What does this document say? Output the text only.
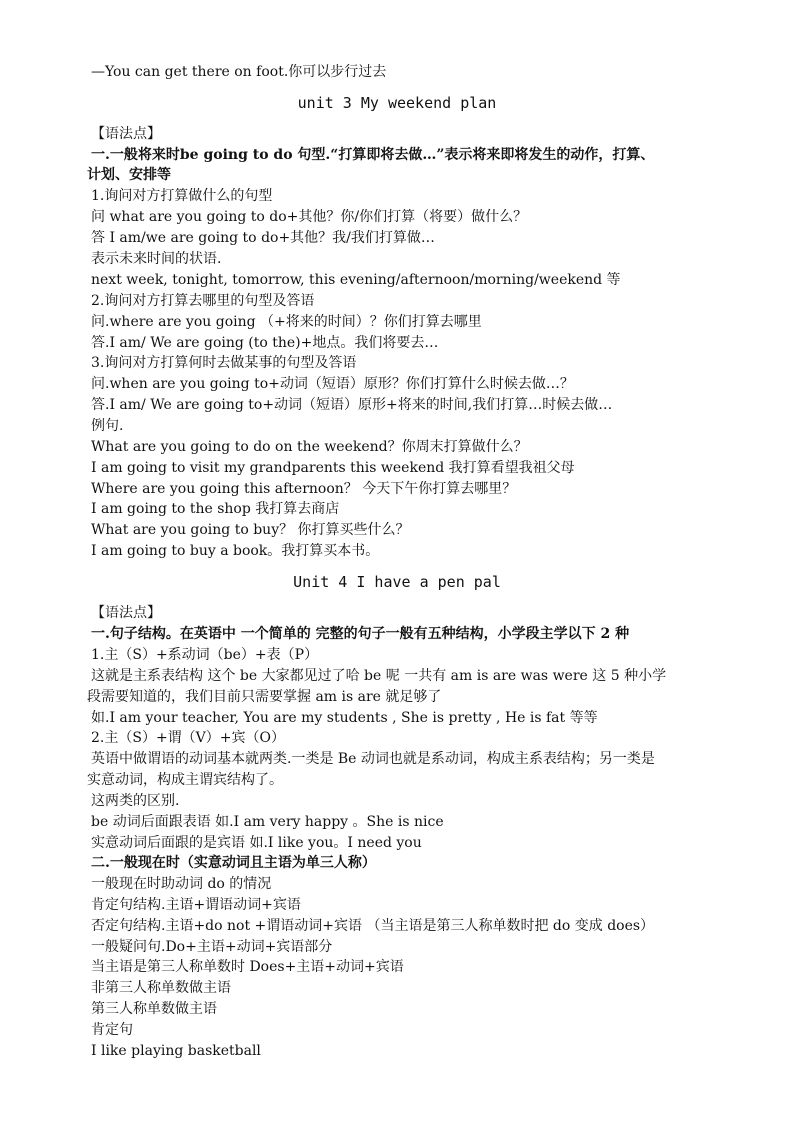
—You can get there on foot.你可以步行过去
unit 3 My weekend plan
【语法点】
一.一般将来时be going to do 句型.“打算即将去做…”表示将来即将发生的动作，打算、
计划、安排等
1.询问对方打算做什么的句型
问 what are you going to do+其他？你/你们打算（将要）做什么？
答 I am/we are going to do+其他？我/我们打算做…
表示未来时间的状语.
next week, tonight, tomorrow, this evening/afternoon/morning/weekend 等
2.询问对方打算去哪里的句型及答语
问.where are you going （+将来的时间）？你们打算去哪里
答.I am/ We are going (to the)+地点。我们将要去…
3.询问对方打算何时去做某事的句型及答语
问.when are you going to+动词（短语）原形？你们打算什么时候去做…？
答.I am/ We are going to+动词（短语）原形+将来的时间,我们打算…时候去做…
例句.
What are you going to do on the weekend？你周末打算做什么？
I am going to visit my grandparents this weekend 我打算看望我祖父母
Where are you going this afternoon？ 今天下午你打算去哪里？
I am going to the shop 我打算去商店
What are you going to buy？ 你打算买些什么？
I am going to buy a book。我打算买本书。
Unit 4 I have a pen pal
【语法点】
一.句子结构。在英语中 一个简单的 完整的句子一般有五种结构，小学段主学以下 2 种
1.主（S）+系动词（be）+表（P）
这就是主系表结构 这个 be 大家都见过了哈 be 呢 一共有 am is are was were 这 5 种小学
段需要知道的，我们目前只需要掌握 am is are 就足够了
如.I am your teacher, You are my students , She is pretty , He is fat 等等
2.主（S）+谓（V）+宾（O）
英语中做谓语的动词基本就两类.一类是 Be 动词也就是系动词，构成主系表结构；另一类是
实意动词，构成主谓宾结构了。
这两类的区别.
be 动词后面跟表语 如.I am very happy 。She is nice
实意动词后面跟的是宾语 如.I like you。I need you
二.一般现在时（实意动词且主语为单三人称）
一般现在时助动词 do 的情况
肯定句结构.主语+谓语动词+宾语
否定句结构.主语+do not +谓语动词+宾语 （当主语是第三人称单数时把 do 变成 does）
一般疑问句.Do+主语+动词+宾语部分
当主语是第三人称单数时 Does+主语+动词+宾语
非第三人称单数做主语
第三人称单数做主语
肯定句
I like playing basketball
